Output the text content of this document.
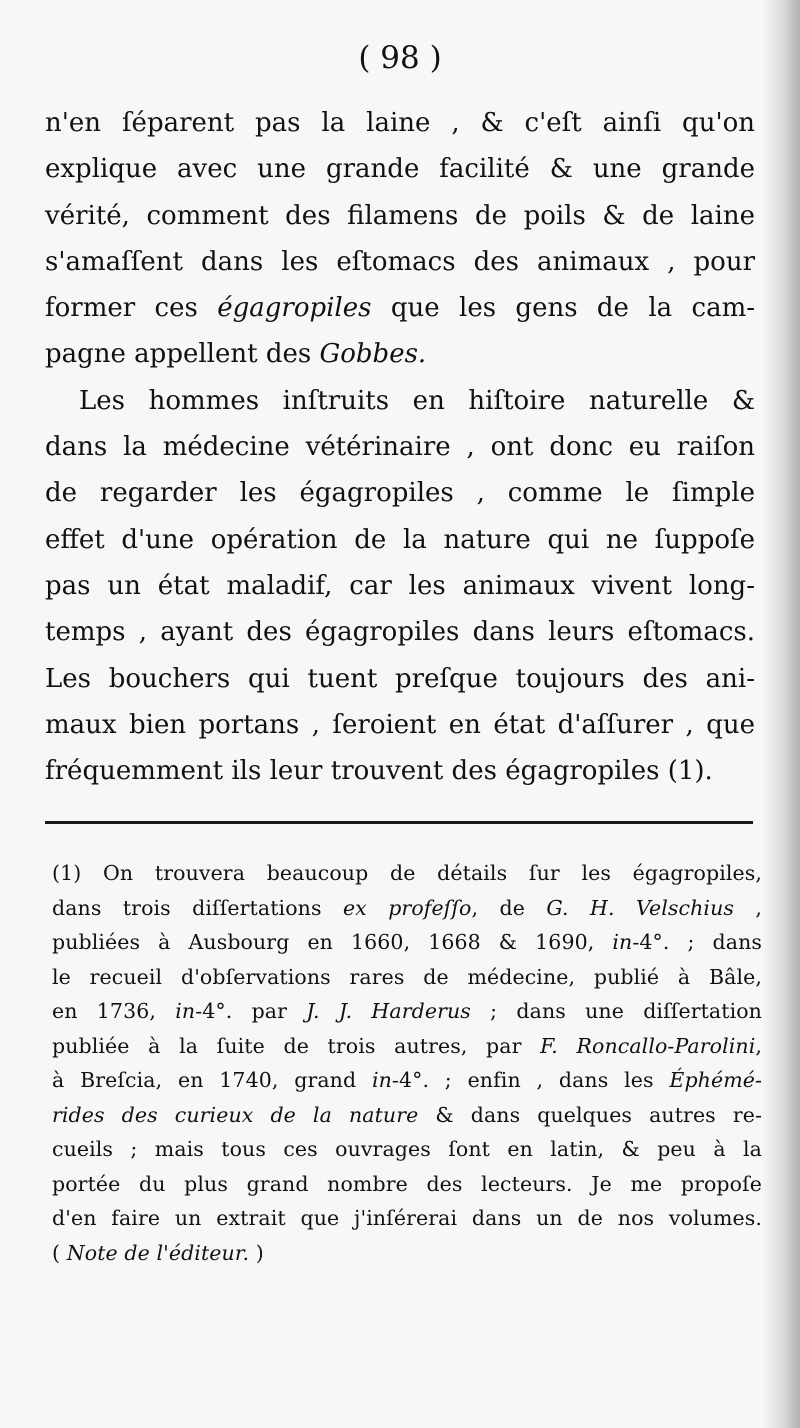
( 98 )
n'en ſéparent pas la laine , & c'eſt ainſi qu'on
explique avec une grande facilité & une grande
vérité, comment des filamens de poils & de laine
s'amaſſent dans les eſtomacs des animaux , pour
former ces égagropiles que les gens de la cam-
pagne appellent des Gobbes.
Les hommes inſtruits en hiſtoire naturelle &
dans la médecine vétérinaire , ont donc eu raiſon
de regarder les égagropiles , comme le ſimple
effet d'une opération de la nature qui ne ſuppoſe
pas un état maladif, car les animaux vivent long-
temps , ayant des égagropiles dans leurs eſtomacs.
Les bouchers qui tuent preſque toujours des ani-
maux bien portans , ſeroient en état d'aſſurer , que
fréquemment ils leur trouvent des égagropiles (1).
(1) On trouvera beaucoup de détails ſur les égagropiles,
dans trois diſſertations ex profeſſo, de G. H. Velschius ,
publiées à Ausbourg en 1660, 1668 & 1690, in-4°. ; dans
le recueil d'obſervations rares de médecine, publié à Bâle,
en 1736, in-4°. par J. J. Harderus ; dans une diſſertation
publiée à la ſuite de trois autres, par F. Roncallo-Parolini,
à Breſcia, en 1740, grand in-4°. ; enfin , dans les Éphémé-
rides des curieux de la nature & dans quelques autres re-
cueils ; mais tous ces ouvrages ſont en latin, & peu à la
portée du plus grand nombre des lecteurs. Je me propoſe
d'en faire un extrait que j'inſérerai dans un de nos volumes.
( Note de l'éditeur. )
